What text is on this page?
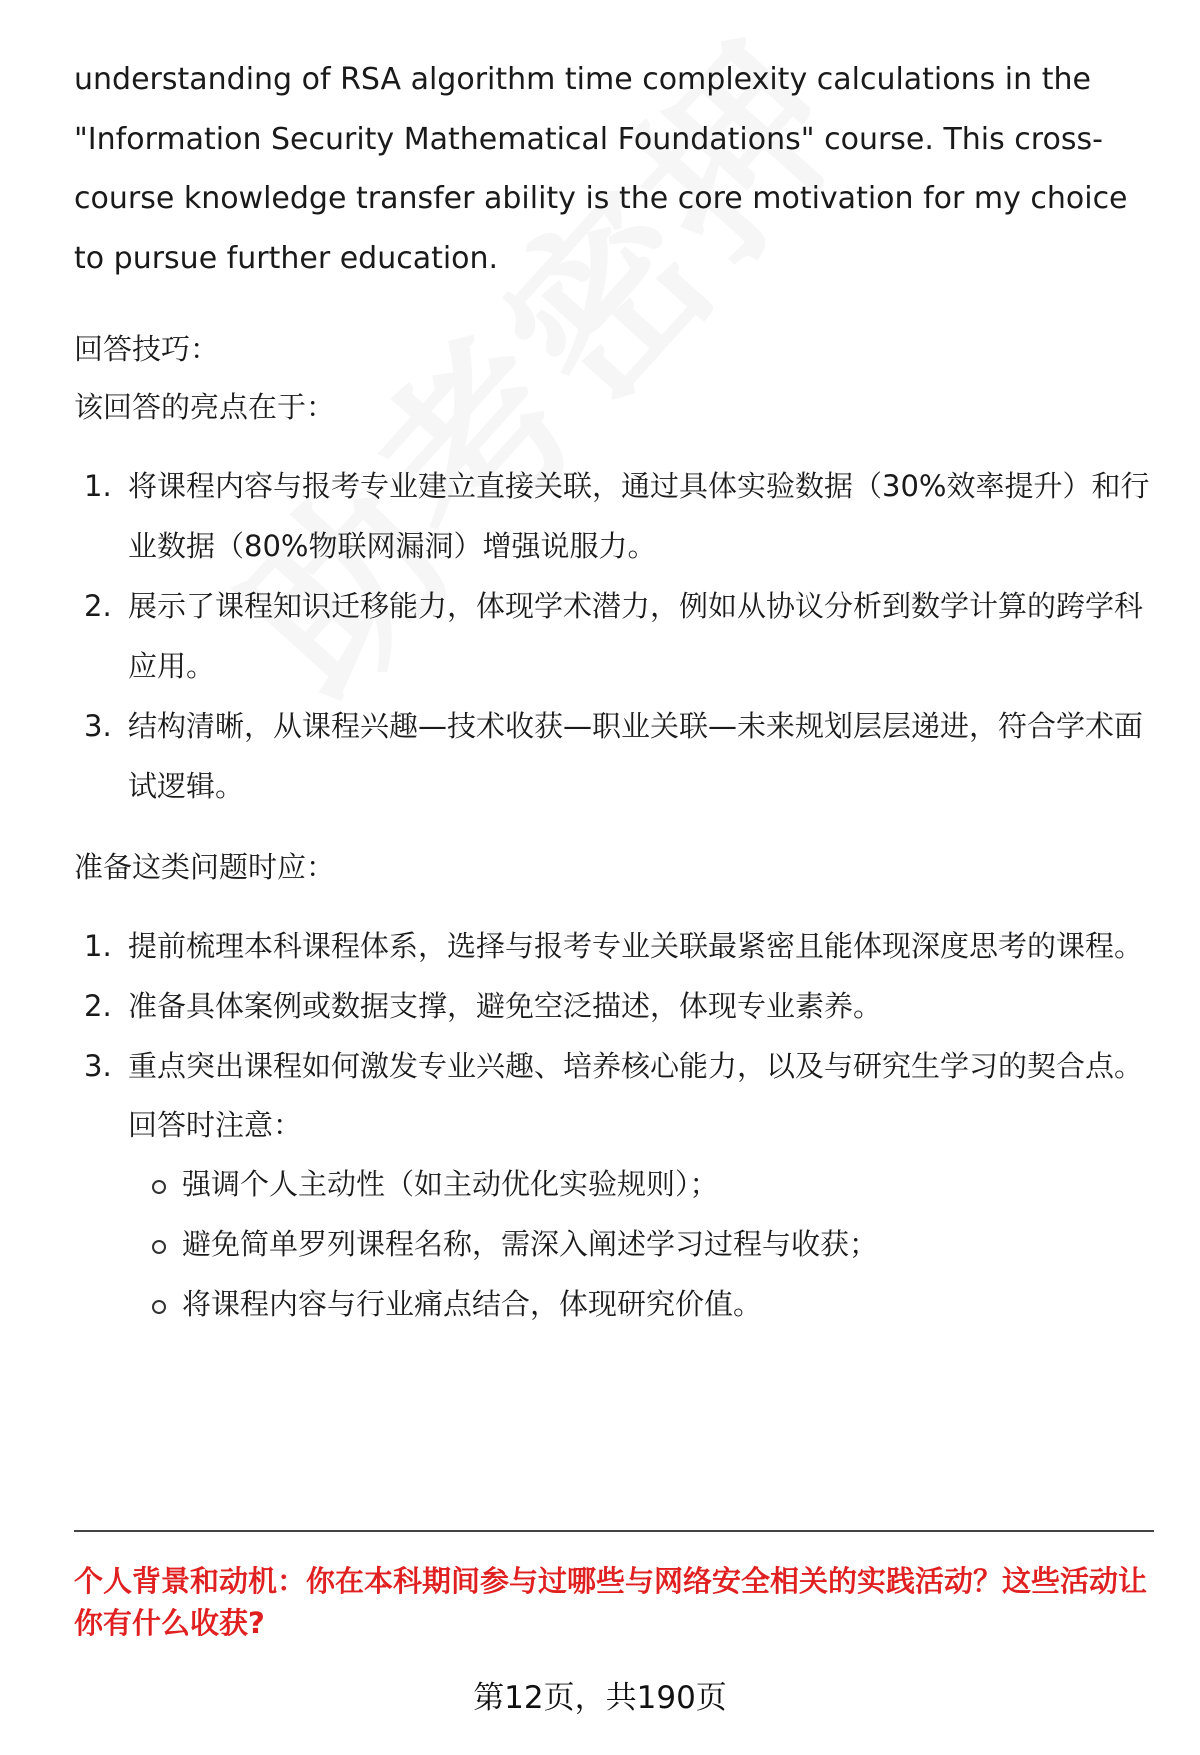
understanding of RSA algorithm time complexity calculations in the "Information Security Mathematical Foundations" course. This cross-course knowledge transfer ability is the core motivation for my choice to pursue further education.

回答技巧：

该回答的亮点在于：

1. 将课程内容与报考专业建立直接关联，通过具体实验数据（30%效率提升）和行业数据（80%物联网漏洞）增强说服力。
2. 展示了课程知识迁移能力，体现学术潜力，例如从协议分析到数学计算的跨学科应用。
3. 结构清晰，从课程兴趣—技术收获—职业关联—未来规划层层递进，符合学术面试逻辑。

准备这类问题时应：

1. 提前梳理本科课程体系，选择与报考专业关联最紧密且能体现深度思考的课程。
2. 准备具体案例或数据支撑，避免空泛描述，体现专业素养。
3. 重点突出课程如何激发专业兴趣、培养核心能力，以及与研究生学习的契合点。

回答时注意：

强调个人主动性（如主动优化实验规则）；
避免简单罗列课程名称，需深入阐述学习过程与收获；
将课程内容与行业痛点结合，体现研究价值。

个人背景和动机：你在本科期间参与过哪些与网络安全相关的实践活动？这些活动让你有什么收获?

第12页，共190页
